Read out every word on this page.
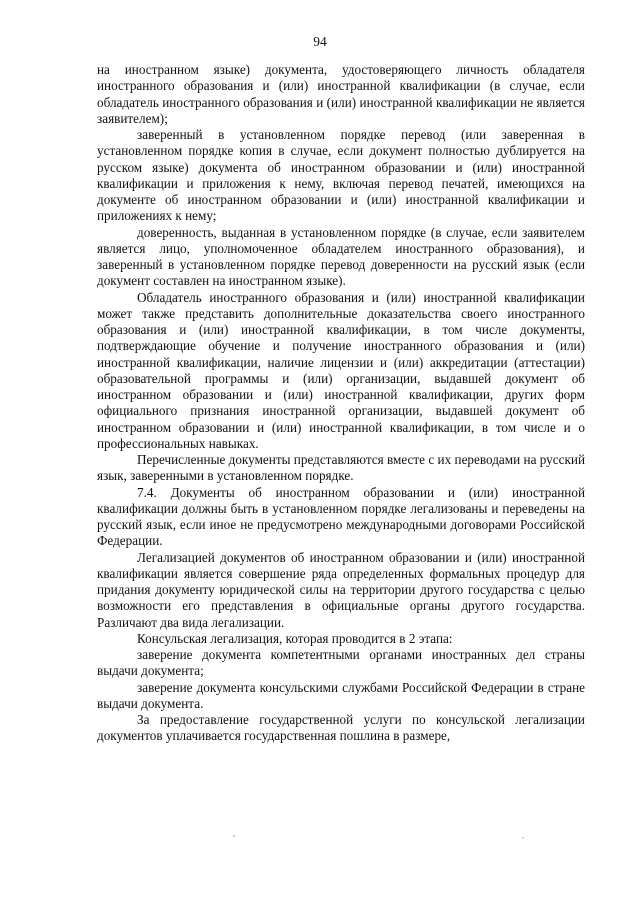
94

на иностранном языке) документа, удостоверяющего личность обладателя иностранного образования и (или) иностранной квалификации (в случае, если обладатель иностранного образования и (или) иностранной квалификации не является заявителем);

заверенный в установленном порядке перевод (или заверенная в установленном порядке копия в случае, если документ полностью дублируется на русском языке) документа об иностранном образовании и (или) иностранной квалификации и приложения к нему, включая перевод печатей, имеющихся на документе об иностранном образовании и (или) иностранной квалификации и приложениях к нему;

доверенность, выданная в установленном порядке (в случае, если заявителем является лицо, уполномоченное обладателем иностранного образования), и заверенный в установленном порядке перевод доверенности на русский язык (если документ составлен на иностранном языке).

Обладатель иностранного образования и (или) иностранной квалификации может также представить дополнительные доказательства своего иностранного образования и (или) иностранной квалификации, в том числе документы, подтверждающие обучение и получение иностранного образования и (или) иностранной квалификации, наличие лицензии и (или) аккредитации (аттестации) образовательной программы и (или) организации, выдавшей документ об иностранном образовании и (или) иностранной квалификации, других форм официального признания иностранной организации, выдавшей документ об иностранном образовании и (или) иностранной квалификации, в том числе и о профессиональных навыках.

Перечисленные документы представляются вместе с их переводами на русский язык, заверенными в установленном порядке.

7.4. Документы об иностранном образовании и (или) иностранной квалификации должны быть в установленном порядке легализованы и переведены на русский язык, если иное не предусмотрено международными договорами Российской Федерации.

Легализацией документов об иностранном образовании и (или) иностранной квалификации является совершение ряда определенных формальных процедур для придания документу юридической силы на территории другого государства с целью возможности его представления в официальные органы другого государства. Различают два вида легализации.

Консульская легализация, которая проводится в 2 этапа:

заверение документа компетентными органами иностранных дел страны выдачи документа;

заверение документа консульскими службами Российской Федерации в стране выдачи документа.

За предоставление государственной услуги по консульской легализации документов уплачивается государственная пошлина в размере,
